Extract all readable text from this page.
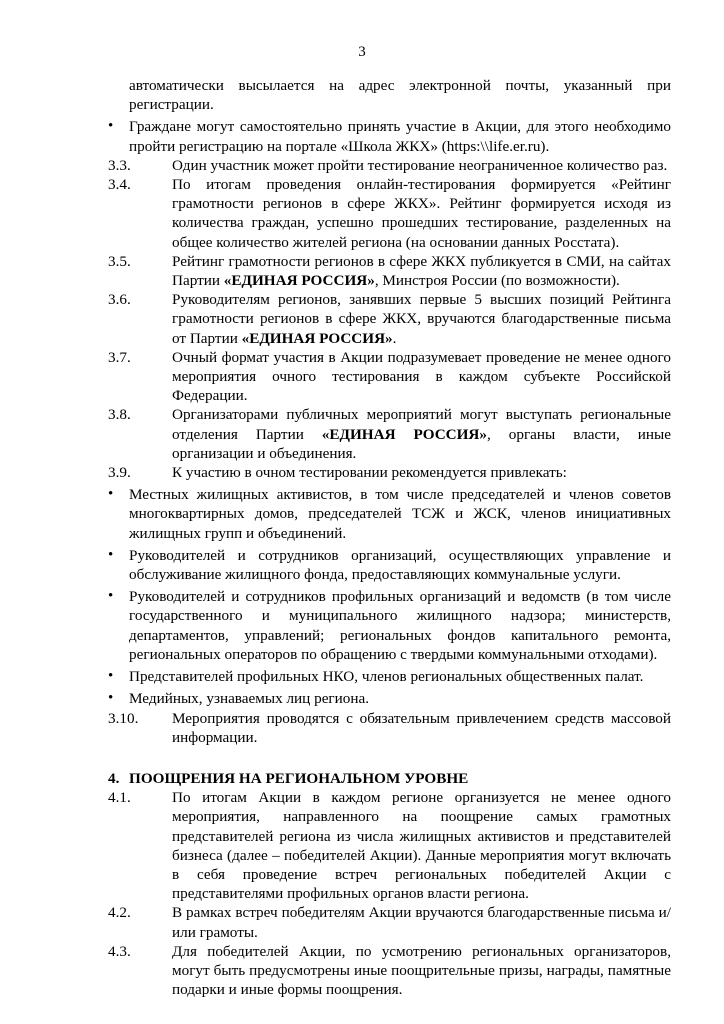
3
автоматически высылается на адрес электронной почты, указанный при регистрации.
•	Граждане могут самостоятельно принять участие в Акции, для этого необходимо пройти регистрацию на портале «Школа ЖКХ» (https:\\life.er.ru).
3.3.	Один участник может пройти тестирование неограниченное количество раз.
3.4.	По итогам проведения онлайн-тестирования формируется «Рейтинг грамотности регионов в сфере ЖКХ». Рейтинг формируется исходя из количества граждан, успешно прошедших тестирование, разделенных на общее количество жителей региона (на основании данных Росстата).
3.5.	Рейтинг грамотности регионов в сфере ЖКХ публикуется в СМИ, на сайтах Партии «ЕДИНАЯ РОССИЯ», Минстроя России (по возможности).
3.6.	Руководителям регионов, занявших первые 5 высших позиций Рейтинга грамотности регионов в сфере ЖКХ, вручаются благодарственные письма от Партии «ЕДИНАЯ РОССИЯ».
3.7.	Очный формат участия в Акции подразумевает проведение не менее одного мероприятия очного тестирования в каждом субъекте Российской Федерации.
3.8.	Организаторами публичных мероприятий могут выступать региональные отделения Партии «ЕДИНАЯ РОССИЯ», органы власти, иные организации и объединения.
3.9.	К участию в очном тестировании рекомендуется привлекать:
•	Местных жилищных активистов, в том числе председателей и членов советов многоквартирных домов, председателей ТСЖ и ЖСК, членов инициативных жилищных групп и объединений.
•	Руководителей и сотрудников организаций, осуществляющих управление и обслуживание жилищного фонда, предоставляющих коммунальные услуги.
•	Руководителей и сотрудников профильных организаций и ведомств (в том числе государственного и муниципального жилищного надзора; министерств, департаментов, управлений; региональных фондов капитального ремонта, региональных операторов по обращению с твердыми коммунальными отходами).
•	Представителей профильных НКО, членов региональных общественных палат.
•	Медийных, узнаваемых лиц региона.
3.10.	Мероприятия проводятся с обязательным привлечением средств массовой информации.
4. ПООЩРЕНИЯ НА РЕГИОНАЛЬНОМ УРОВНЕ
4.1.	По итогам Акции в каждом регионе организуется не менее одного мероприятия, направленного на поощрение самых грамотных представителей региона из числа жилищных активистов и представителей бизнеса (далее – победителей Акции). Данные мероприятия могут включать в себя проведение встреч региональных победителей Акции с представителями профильных органов власти региона.
4.2.	В рамках встреч победителям Акции вручаются благодарственные письма и/или грамоты.
4.3.	Для победителей Акции, по усмотрению региональных организаторов, могут быть предусмотрены иные поощрительные призы, награды, памятные подарки и иные формы поощрения.
